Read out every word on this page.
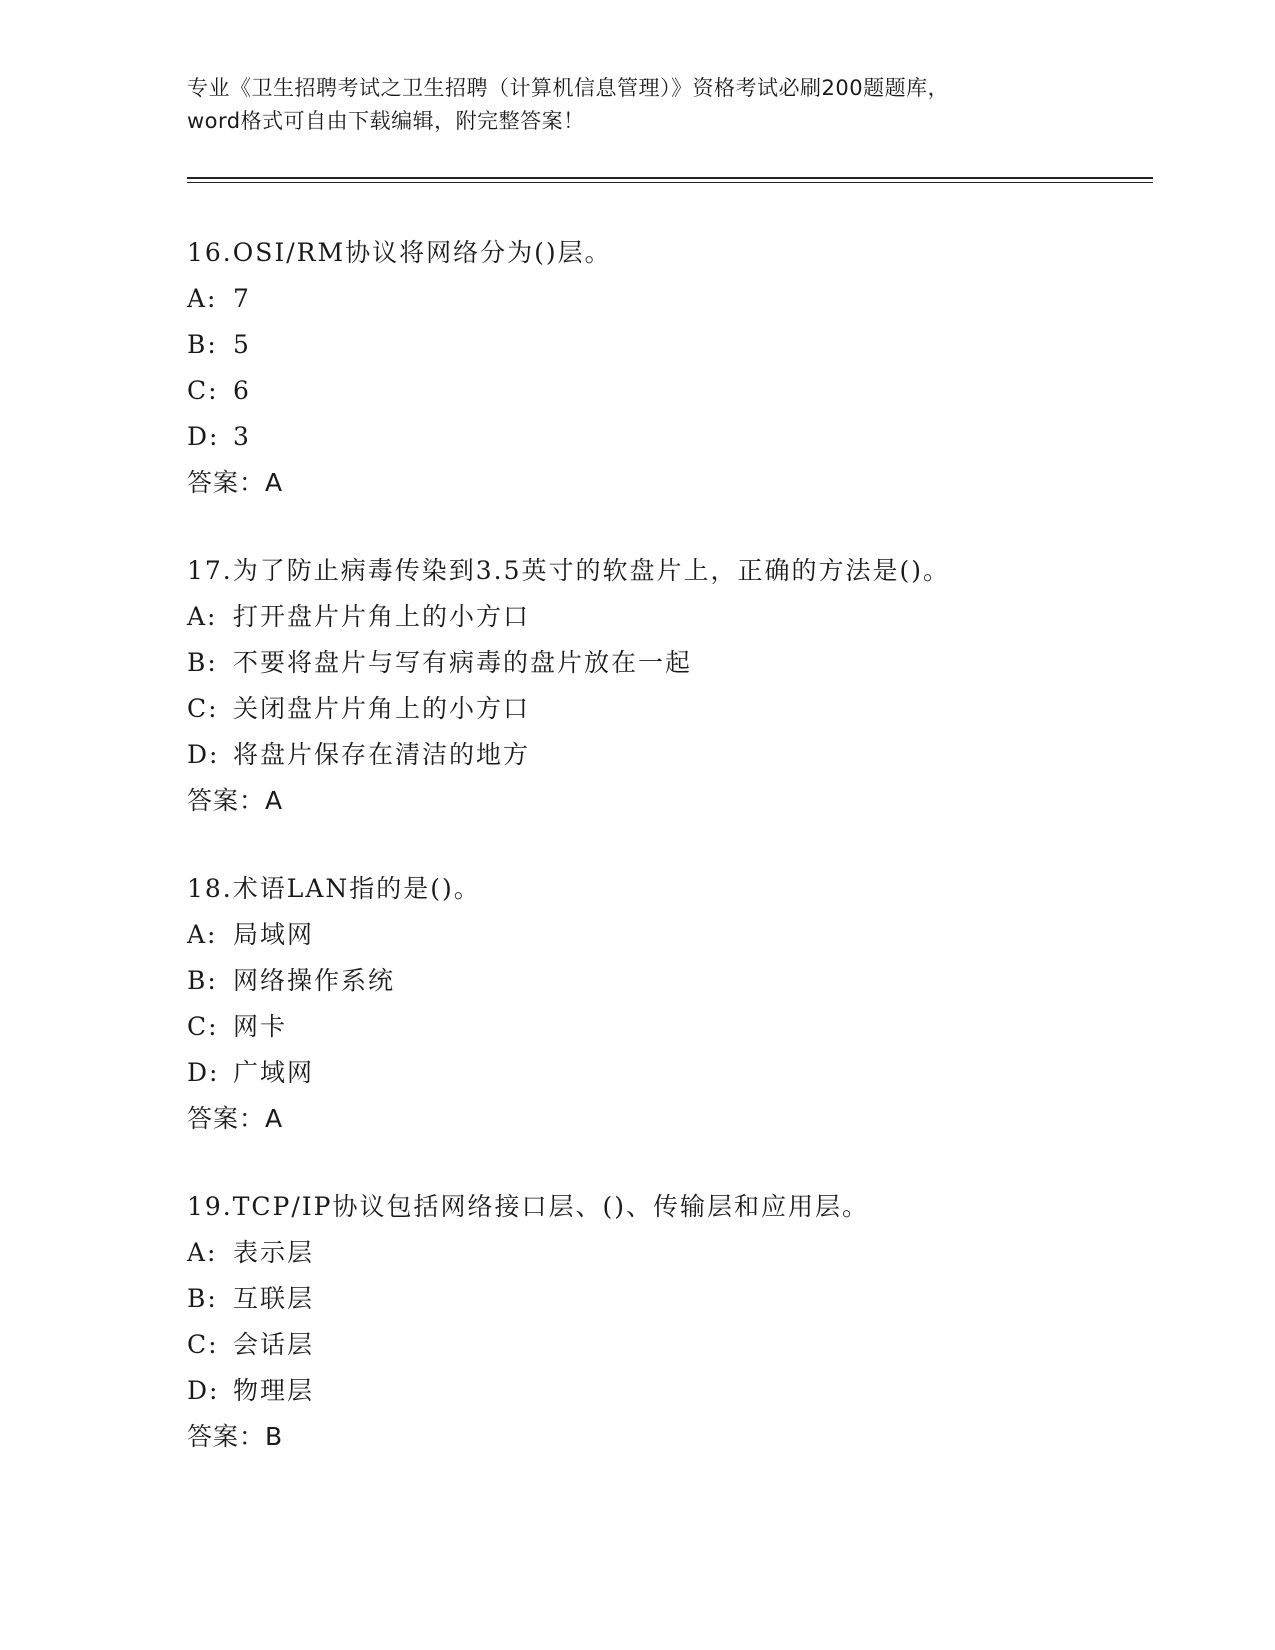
专业《卫生招聘考试之卫生招聘（计算机信息管理）》资格考试必刷200题题库，
word格式可自由下载编辑，附完整答案！
16.OSI/RM协议将网络分为()层。
A: 7
B: 5
C: 6
D: 3
答案：A
17.为了防止病毒传染到3.5英寸的软盘片上，正确的方法是()。
A: 打开盘片片角上的小方口
B: 不要将盘片与写有病毒的盘片放在一起
C: 关闭盘片片角上的小方口
D: 将盘片保存在清洁的地方
答案：A
18.术语LAN指的是()。
A: 局域网
B: 网络操作系统
C: 网卡
D: 广域网
答案：A
19.TCP/IP协议包括网络接口层、()、传输层和应用层。
A: 表示层
B: 互联层
C: 会话层
D: 物理层
答案：B
